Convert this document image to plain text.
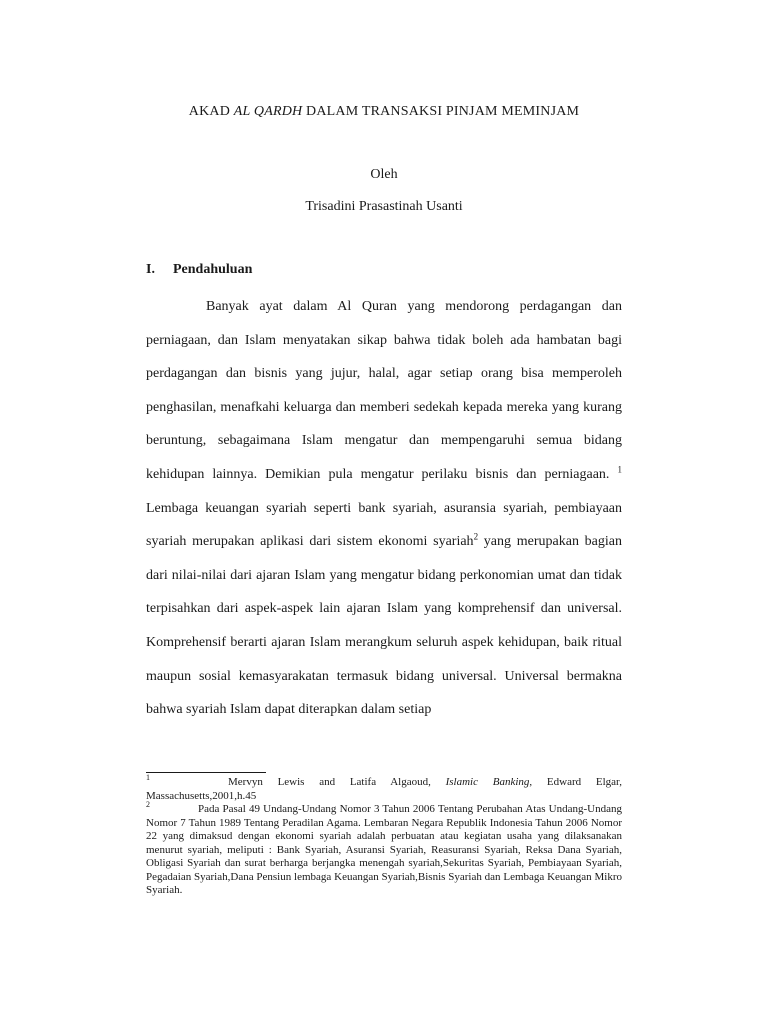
AKAD AL QARDH DALAM TRANSAKSI PINJAM MEMINJAM
Oleh
Trisadini Prasastinah Usanti
I. Pendahuluan

Banyak ayat dalam Al Quran yang mendorong perdagangan dan perniagaan, dan Islam menyatakan sikap bahwa tidak boleh ada hambatan bagi perdagangan dan bisnis yang jujur, halal, agar setiap orang bisa memperoleh penghasilan, menafkahi keluarga dan memberi sedekah kepada mereka yang kurang beruntung, sebagaimana Islam mengatur dan mempengaruhi semua bidang kehidupan lainnya. Demikian pula mengatur perilaku bisnis dan perniagaan. $^1$ Lembaga keuangan syariah seperti bank syariah, asuransia syariah, pembiayaan syariah merupakan aplikasi dari sistem ekonomi syariah$^2$ yang merupakan bagian dari nilai-nilai dari ajaran Islam yang mengatur bidang perkonomian umat dan tidak terpisahkan dari aspek-aspek lain ajaran Islam yang komprehensif dan universal. Komprehensif berarti ajaran Islam merangkum seluruh aspek kehidupan, baik ritual maupun sosial kemasyarakatan termasuk bidang universal. Universal bermakna bahwa syariah Islam dapat diterapkan dalam setiap

1	Mervyn Lewis and Latifa Algaoud, Islamic Banking, Edward Elgar, Massachusetts,2001,h.45

2	Pada Pasal 49 Undang-Undang Nomor 3 Tahun 2006 Tentang Perubahan Atas Undang-Undang Nomor 7 Tahun 1989 Tentang Peradilan Agama. Lembaran Negara Republik Indonesia Tahun 2006 Nomor 22 yang dimaksud dengan ekonomi syariah adalah perbuatan atau kegiatan usaha yang dilaksanakan menurut syariah, meliputi : Bank Syariah, Asuransi Syariah, Reasuransi Syariah, Reksa Dana Syariah, Obligasi Syariah dan surat berharga berjangka menengah syariah,Sekuritas Syariah, Pembiayaan Syariah, Pegadaian Syariah,Dana Pensiun lembaga Keuangan Syariah,Bisnis Syariah dan Lembaga Keuangan Mikro Syariah.
